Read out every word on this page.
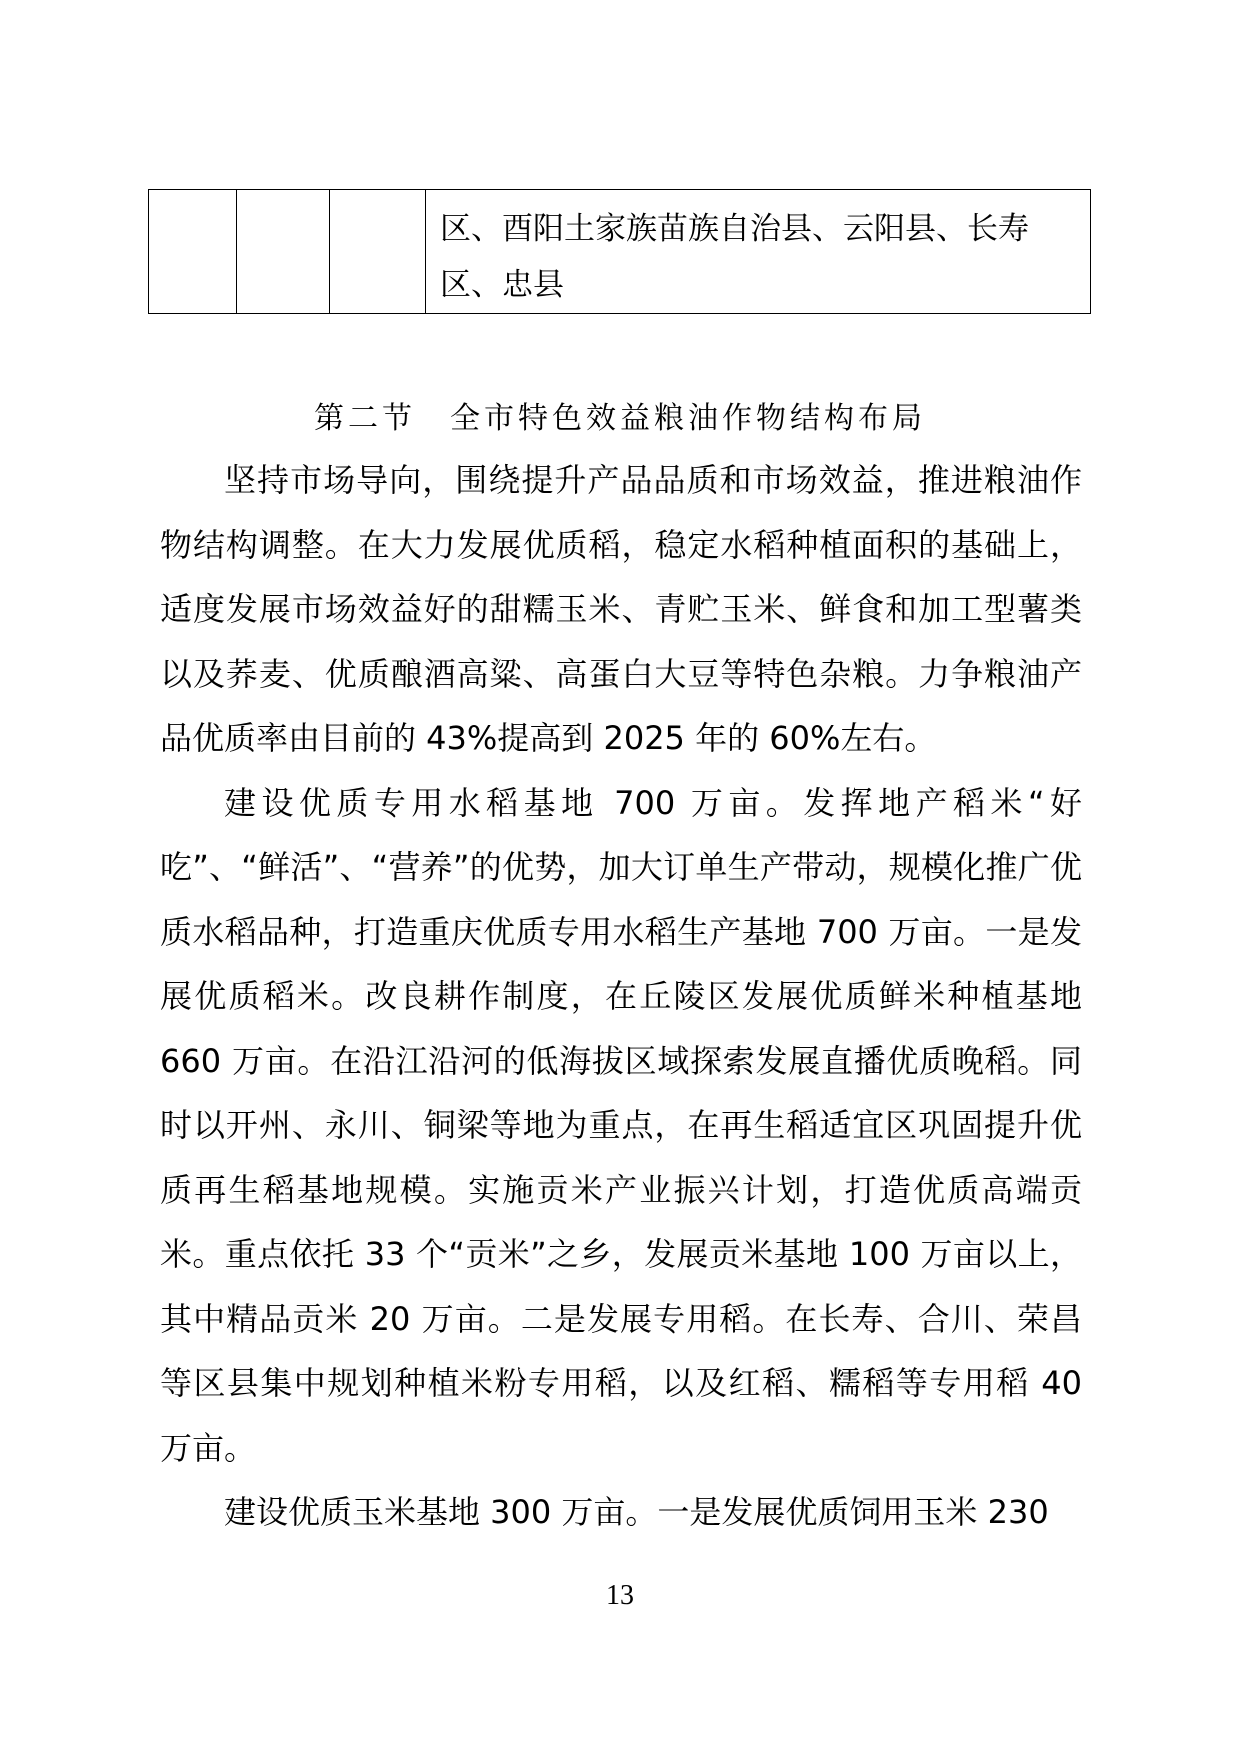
			区、酉阳土家族苗族自治县、云阳县、长寿区、忠县
第二节　全市特色效益粮油作物结构布局

坚持市场导向，围绕提升产品品质和市场效益，推进粮油作物结构调整。在大力发展优质稻，稳定水稻种植面积的基础上，适度发展市场效益好的甜糯玉米、青贮玉米、鲜食和加工型薯类以及荞麦、优质酿酒高粱、高蛋白大豆等特色杂粮。力争粮油产品优质率由目前的 43%提高到 2025 年的 60%左右。

建设优质专用水稻基地 700 万亩。发挥地产稻米“好吃”、“鲜活”、“营养”的优势，加大订单生产带动，规模化推广优质水稻品种，打造重庆优质专用水稻生产基地 700 万亩。一是发展优质稻米。改良耕作制度，在丘陵区发展优质鲜米种植基地 660 万亩。在沿江沿河的低海拔区域探索发展直播优质晚稻。同时以开州、永川、铜梁等地为重点，在再生稻适宜区巩固提升优质再生稻基地规模。实施贡米产业振兴计划，打造优质高端贡米。重点依托 33 个“贡米”之乡，发展贡米基地 100 万亩以上，其中精品贡米 20 万亩。二是发展专用稻。在长寿、合川、荣昌等区县集中规划种植米粉专用稻，以及红稻、糯稻等专用稻 40 万亩。

建设优质玉米基地 300 万亩。一是发展优质饲用玉米 230

13
